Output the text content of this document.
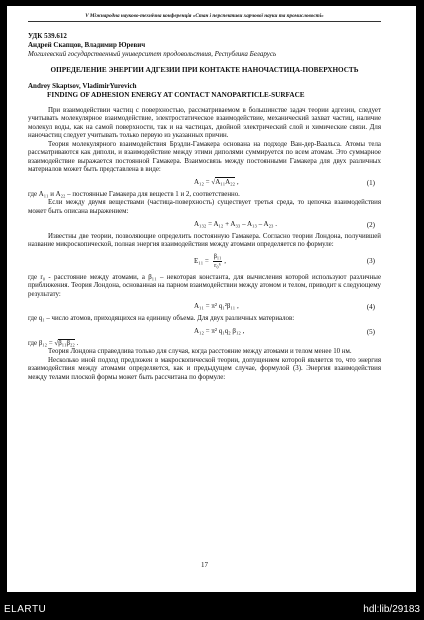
V Міжнародна науково-технічна конференція «Стан і перспективи харчової науки та промисловості»
УДК 539.612
Андрей Скапцов, Владимир Юревич
Могилевский государственный университет продовольствия, Республика Беларусь
ОПРЕДЕЛЕНИЕ ЭНЕРГИИ АДГЕЗИИ ПРИ КОНТАКТЕ НАНОЧАСТИЦА-ПОВЕРХНОСТЬ
Andrey Skaptsov, VladimirYurevich
FINDING OF ADHESION ENERGY AT CONTACT NANOPARTICLE-SURFACE

При взаимодействии частиц с поверхностью, рассматриваемом в большинстве задач теории адгезии, следует учитывать молекулярное взаимодействие, электростатическое взаимодействие, механический захват частиц, наличие молекул воды, как на самой поверхности, так и на частицах, двойной электрический слой и химические связи. Для наночастиц следует учитывать только первую из указанных причин.

Теория молекулярного взаимодействия Брэдли-Гамакера основана на подходе Ван-дер-Ваальса. Атомы тела рассматриваются как диполи, и взаимодействие между этими диполями суммируется по всем атомам. Это суммарное взаимодействие выражается постоянной Гамакера. Взаимосвязь между постоянными Гамакера для двух различных материалов может быть представлена в виде:

A₁₂ = √A₁₁A₂₂ ,	(1)

где A₁₁ и A₂₂ – постоянные Гамакера для веществ 1 и 2, соответственно.

Если между двумя веществами (частица-поверхность) существует третья среда, то цепочка взаимодействия может быть описана выражением:

A₁₃₂ = A₁₂ + A₃₃ – A₁₃ – A₂₃ .	(2)

Известны две теории, позволяющие определить постоянную Гамакера. Согласно теории Лондона, получившей название микроскопической, полная энергия взаимодействия между атомами определяется по формуле:

$E_{11} = \frac{\text{β₁₁}}{\text{r₀⁶}}$ ,	(3)

где r₀ - расстояние между атомами, а β₁₁ – некоторая константа, для вычисления которой используют различные приближения. Теория Лондона, основанная на парном взаимодействии между атомом и телом, приводит к следующему результату:

A₁₁ = π² q₁²β₁₁ ,	(4)

где q₁ – число атомов, приходящихся на единицу объема. Для двух различных материалов:

A₁₂ = π² q₁q₂ β₁₂ ,	(5)
где β₁₂ = √β₁₁β₂₂ .

Теория Лондона справедлива только для случая, когда расстояние между атомами и телом менее 10 нм.

Несколько иной подход предложен в макроскопической теории, допущением которой является то, что энергия взаимодействия между атомами определяется, как и предыдущем случае, формулой (3). Энергия взаимодействия между телами плоской формы может быть рассчитана по формуле:

17
ELARTU	hdl:lib/29183
